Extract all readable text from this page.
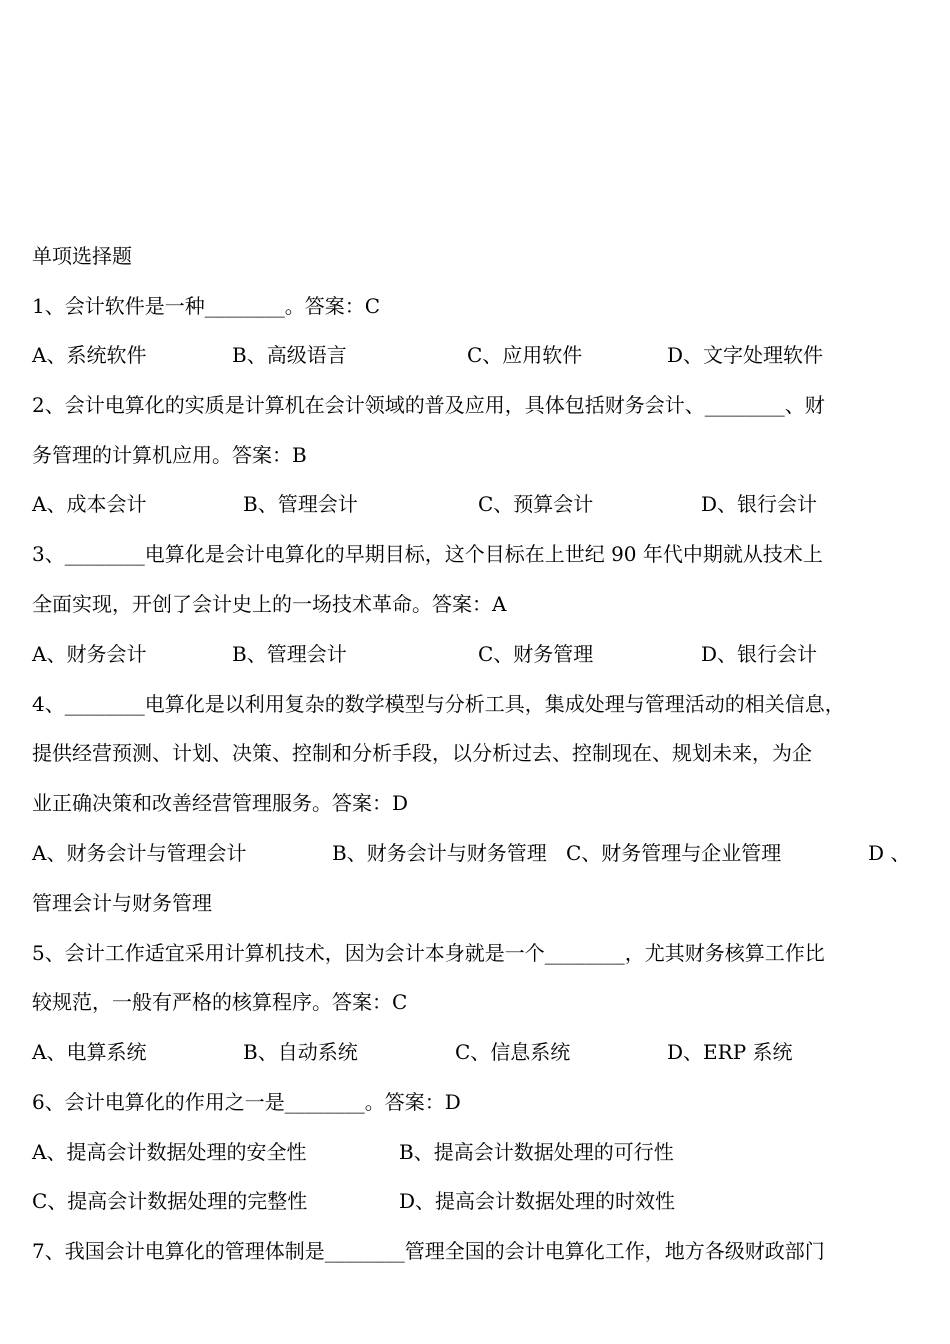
单项选择题
1、会计软件是一种________。答案：C
A、系统软件	B、高级语言	C、应用软件	D、文字处理软件
2、会计电算化的实质是计算机在会计领域的普及应用，具体包括财务会计、________、财
务管理的计算机应用。答案：B
A、成本会计	B、管理会计	C、预算会计	D、银行会计
3、________电算化是会计电算化的早期目标，这个目标在上世纪 90 年代中期就从技术上
全面实现，开创了会计史上的一场技术革命。答案：A
A、财务会计	B、管理会计	C、财务管理	D、银行会计
4、________电算化是以利用复杂的数学模型与分析工具，集成处理与管理活动的相关信息，
提供经营预测、计划、决策、控制和分析手段，以分析过去、控制现在、规划未来，为企
业正确决策和改善经营管理服务。答案：D
A、财务会计与管理会计	B、财务会计与财务管理 C、财务管理与企业管理	D 、
管理会计与财务管理
5、会计工作适宜采用计算机技术，因为会计本身就是一个________，尤其财务核算工作比
较规范，一般有严格的核算程序。答案：C
A、电算系统	B、自动系统	C、信息系统	D、ERP 系统
6、会计电算化的作用之一是________。答案：D
A、提高会计数据处理的安全性	B、提高会计数据处理的可行性
C、提高会计数据处理的完整性	D、提高会计数据处理的时效性
7、我国会计电算化的管理体制是________管理全国的会计电算化工作，地方各级财政部门
